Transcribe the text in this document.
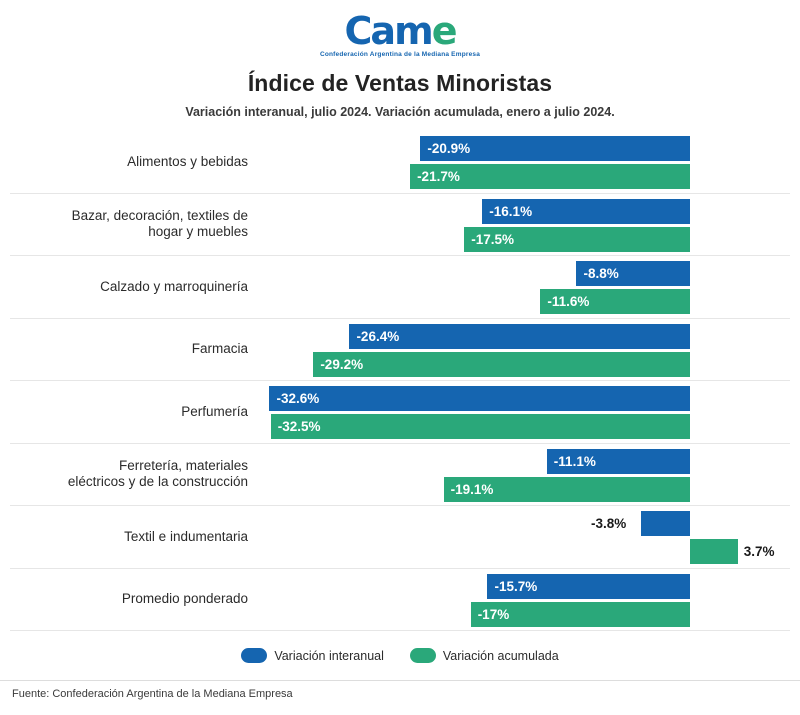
Came
Confederación Argentina de la Mediana Empresa
Índice de Ventas Minoristas
Variación interanual, julio 2024. Variación acumulada, enero a julio 2024.
Alimentos y bebidas
-20.9%
-21.7%
Bazar, decoración, textiles de
hogar y muebles
-16.1%
-17.5%
Calzado y marroquinería
-8.8%
-11.6%
Farmacia
-26.4%
-29.2%
Perfumería
-32.6%
-32.5%
Ferretería, materiales
eléctricos y de la construcción
-11.1%
-19.1%
Textil e indumentaria
-3.8%
3.7%
Promedio ponderado
-15.7%
-17%
Variación interanual	Variación acumulada
Fuente: Confederación Argentina de la Mediana Empresa
